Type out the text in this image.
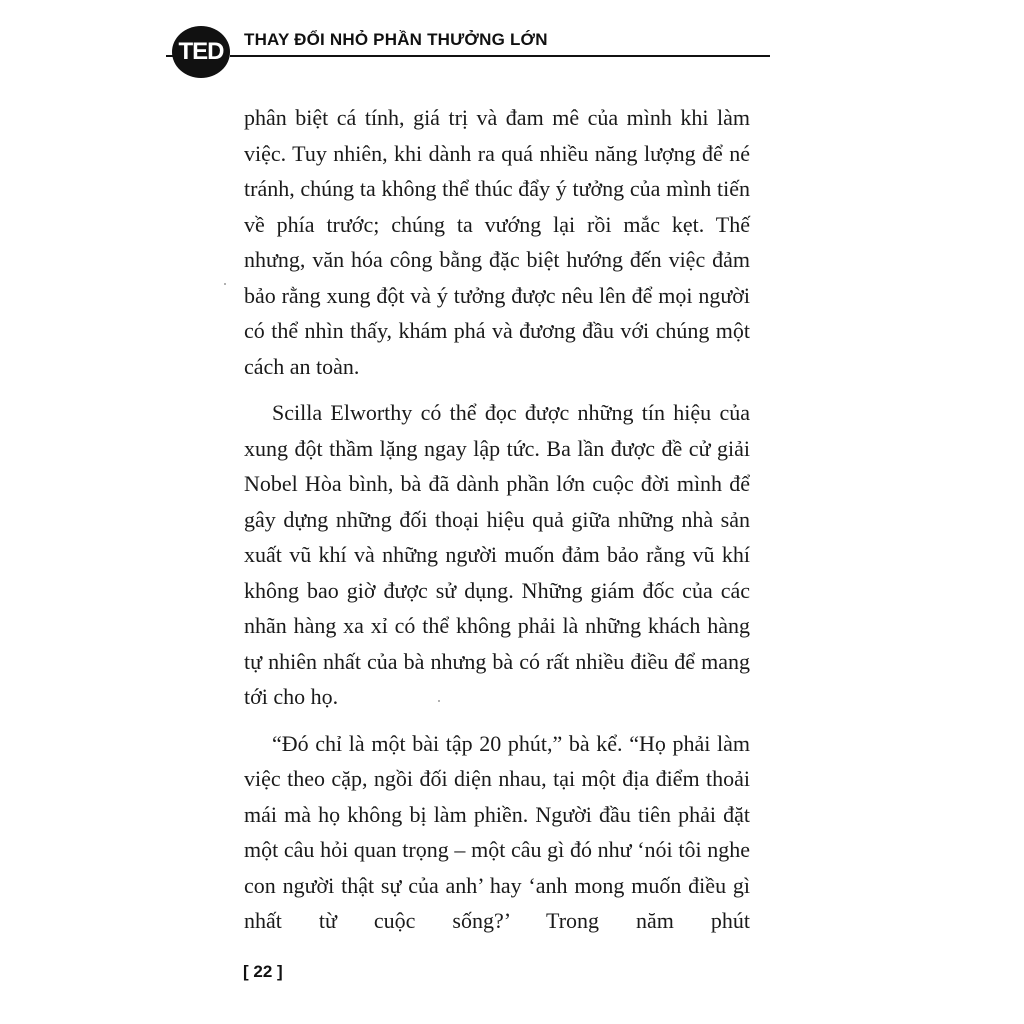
TED	THAY ĐỔI NHỎ PHẦN THƯỞNG LỚN

phân biệt cá tính, giá trị và đam mê của mình khi làm việc. Tuy nhiên, khi dành ra quá nhiều năng lượng để né tránh, chúng ta không thể thúc đẩy ý tưởng của mình tiến về phía trước; chúng ta vướng lại rồi mắc kẹt. Thế nhưng, văn hóa công bằng đặc biệt hướng đến việc đảm bảo rằng xung đột và ý tưởng được nêu lên để mọi người có thể nhìn thấy, khám phá và đương đầu với chúng một cách an toàn.

Scilla Elworthy có thể đọc được những tín hiệu của xung đột thầm lặng ngay lập tức. Ba lần được đề cử giải Nobel Hòa bình, bà đã dành phần lớn cuộc đời mình để gây dựng những đối thoại hiệu quả giữa những nhà sản xuất vũ khí và những người muốn đảm bảo rằng vũ khí không bao giờ được sử dụng. Những giám đốc của các nhãn hàng xa xỉ có thể không phải là những khách hàng tự nhiên nhất của bà nhưng bà có rất nhiều điều để mang tới cho họ.

“Đó chỉ là một bài tập 20 phút,” bà kể. “Họ phải làm việc theo cặp, ngồi đối diện nhau, tại một địa điểm thoải mái mà họ không bị làm phiền. Người đầu tiên phải đặt một câu hỏi quan trọng – một câu gì đó như ‘nói tôi nghe con người thật sự của anh’ hay ‘anh mong muốn điều gì nhất từ cuộc sống?’ Trong năm phút

[ 22 ]
